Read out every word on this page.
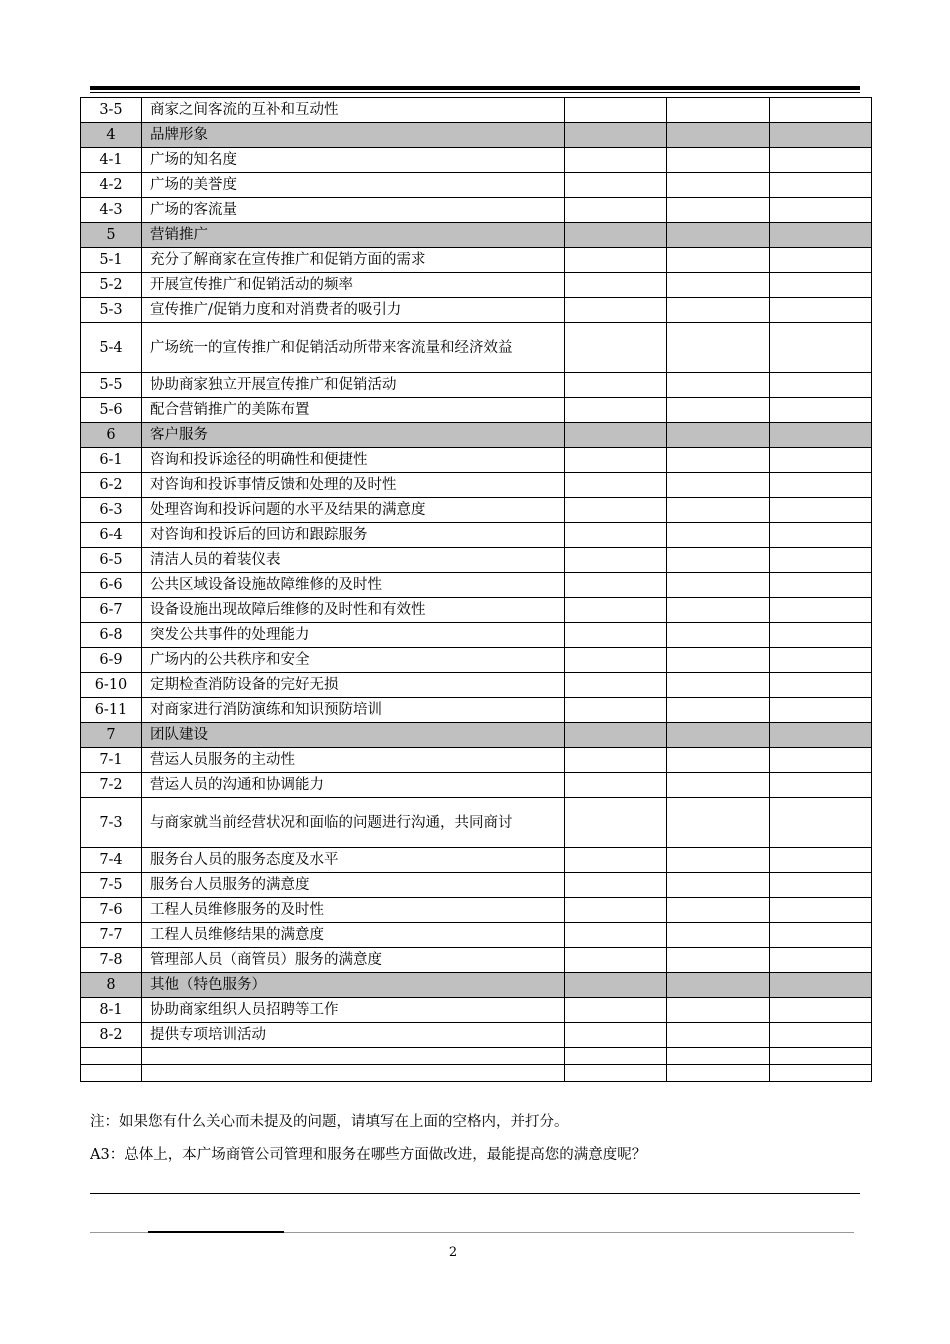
3-5	商家之间客流的互补和互动性			
4	品牌形象			
4-1	广场的知名度			
4-2	广场的美誉度			
4-3	广场的客流量			
5	营销推广			
5-1	充分了解商家在宣传推广和促销方面的需求			
5-2	开展宣传推广和促销活动的频率			
5-3	宣传推广/促销力度和对消费者的吸引力			
5-4	广场统一的宣传推广和促销活动所带来客流量和经济效益			
5-5	协助商家独立开展宣传推广和促销活动			
5-6	配合营销推广的美陈布置			
6	客户服务			
6-1	咨询和投诉途径的明确性和便捷性			
6-2	对咨询和投诉事情反馈和处理的及时性			
6-3	处理咨询和投诉问题的水平及结果的满意度			
6-4	对咨询和投诉后的回访和跟踪服务			
6-5	清洁人员的着装仪表			
6-6	公共区域设备设施故障维修的及时性			
6-7	设备设施出现故障后维修的及时性和有效性			
6-8	突发公共事件的处理能力			
6-9	广场内的公共秩序和安全			
6-10	定期检查消防设备的完好无损			
6-11	对商家进行消防演练和知识预防培训			
7	团队建设			
7-1	营运人员服务的主动性			
7-2	营运人员的沟通和协调能力			
7-3	与商家就当前经营状况和面临的问题进行沟通，共同商讨			
7-4	服务台人员的服务态度及水平			
7-5	服务台人员服务的满意度			
7-6	工程人员维修服务的及时性			
7-7	工程人员维修结果的满意度			
7-8	管理部人员（商管员）服务的满意度			
8	其他（特色服务）			
8-1	协助商家组织人员招聘等工作			
8-2	提供专项培训活动			

注：如果您有什么关心而未提及的问题，请填写在上面的空格内，并打分。
A3：总体上，本广场商管公司管理和服务在哪些方面做改进，最能提高您的满意度呢？
2
